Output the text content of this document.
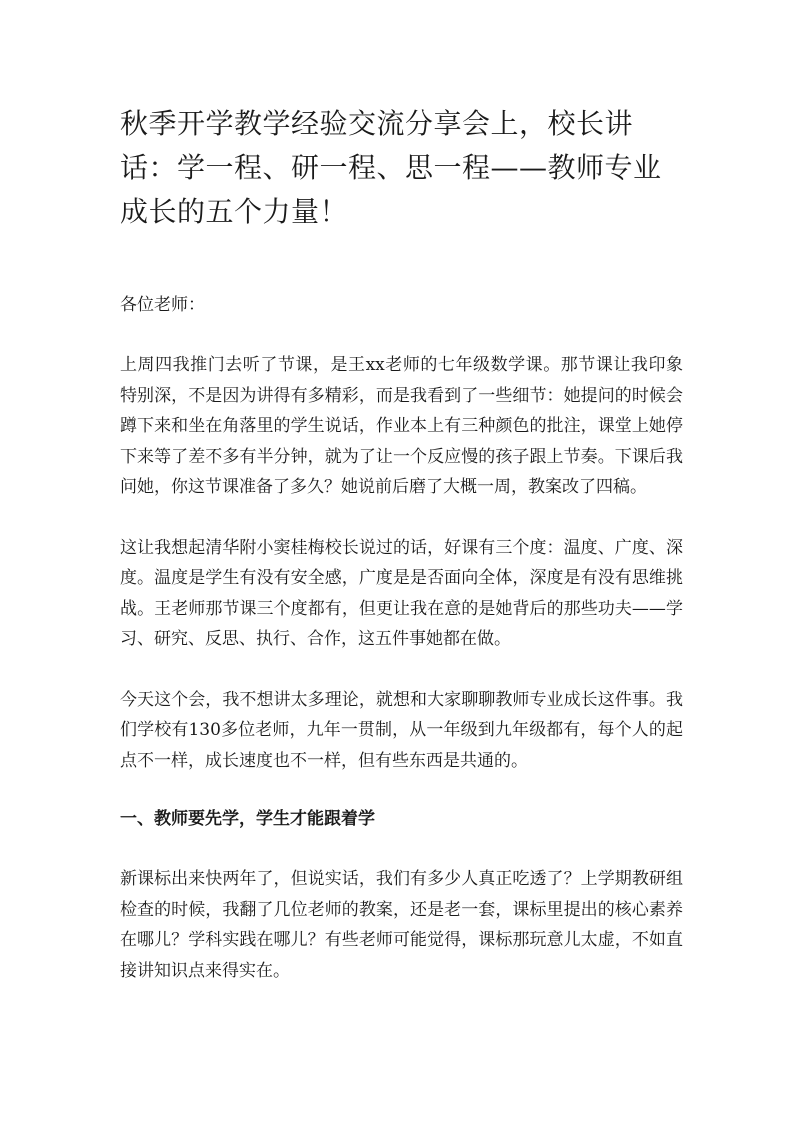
秋季开学教学经验交流分享会上，校长讲话：学一程、研一程、思一程——教师专业成长的五个力量！

各位老师：

上周四我推门去听了节课，是王xx老师的七年级数学课。那节课让我印象特别深，不是因为讲得有多精彩，而是我看到了一些细节：她提问的时候会蹲下来和坐在角落里的学生说话，作业本上有三种颜色的批注，课堂上她停下来等了差不多有半分钟，就为了让一个反应慢的孩子跟上节奏。下课后我问她，你这节课准备了多久？她说前后磨了大概一周，教案改了四稿。

这让我想起清华附小窦桂梅校长说过的话，好课有三个度：温度、广度、深度。温度是学生有没有安全感，广度是是否面向全体，深度是有没有思维挑战。王老师那节课三个度都有，但更让我在意的是她背后的那些功夫——学习、研究、反思、执行、合作，这五件事她都在做。

今天这个会，我不想讲太多理论，就想和大家聊聊教师专业成长这件事。我们学校有130多位老师，九年一贯制，从一年级到九年级都有，每个人的起点不一样，成长速度也不一样，但有些东西是共通的。

一、教师要先学，学生才能跟着学

新课标出来快两年了，但说实话，我们有多少人真正吃透了？上学期教研组检查的时候，我翻了几位老师的教案，还是老一套，课标里提出的核心素养在哪儿？学科实践在哪儿？有些老师可能觉得，课标那玩意儿太虚，不如直接讲知识点来得实在。
